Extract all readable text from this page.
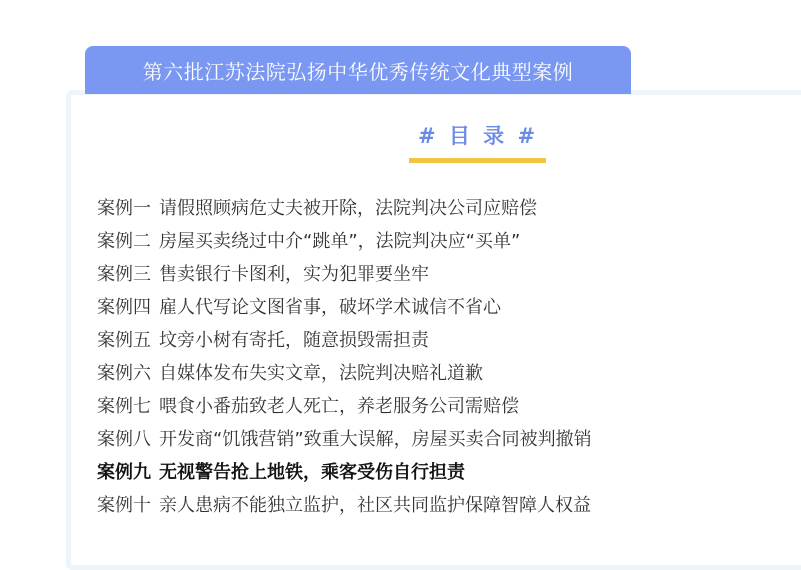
第六批江苏法院弘扬中华优秀传统文化典型案例
# 目 录 #
案例一 请假照顾病危丈夫被开除，法院判决公司应赔偿
案例二 房屋买卖绕过中介“跳单”，法院判决应“买单”
案例三 售卖银行卡图利，实为犯罪要坐牢
案例四 雇人代写论文图省事，破坏学术诚信不省心
案例五 坟旁小树有寄托，随意损毁需担责
案例六 自媒体发布失实文章，法院判决赔礼道歉
案例七 喂食小番茄致老人死亡，养老服务公司需赔偿
案例八 开发商“饥饿营销”致重大误解，房屋买卖合同被判撤销
案例九 无视警告抢上地铁，乘客受伤自行担责
案例十 亲人患病不能独立监护，社区共同监护保障智障人权益
